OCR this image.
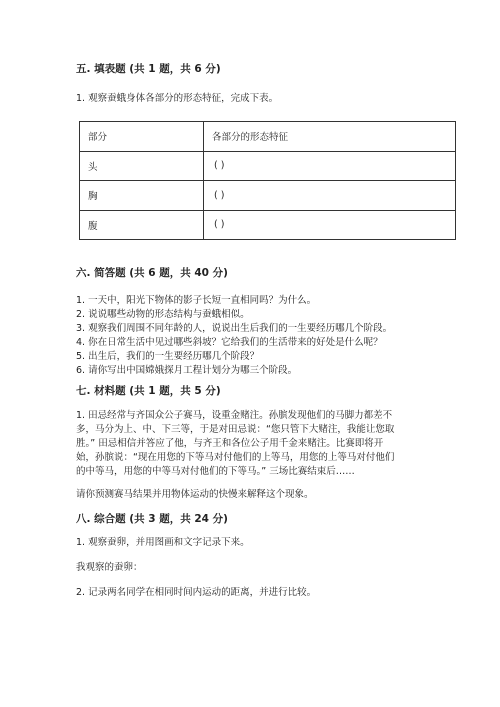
五. 填表题 (共 1 题，共 6 分)
1. 观察蚕蛾身体各部分的形态特征，完成下表。
部分	各部分的形态特征
头	( )
胸	( )
腹	( )
六. 简答题 (共 6 题，共 40 分)
1. 一天中，阳光下物体的影子长短一直相同吗？为什么。
2. 说说哪些动物的形态结构与蚕蛾相似。
3. 观察我们周围不同年龄的人，说说出生后我们的一生要经历哪几个阶段。
4. 你在日常生活中见过哪些斜坡？它给我们的生活带来的好处是什么呢？
5. 出生后，我们的一生要经历哪几个阶段？
6. 请你写出中国嫦娥探月工程计划分为哪三个阶段。
七. 材料题 (共 1 题，共 5 分)
1. 田忌经常与齐国众公子赛马，设重金赌注。孙膑发现他们的马脚力都差不
多，马分为上、中、下三等，于是对田忌说：“您只管下大赌注，我能让您取
胜。” 田忌相信并答应了他，与齐王和各位公子用千金来赌注。比赛即将开
始，孙膑说：“现在用您的下等马对付他们的上等马，用您的上等马对付他们
的中等马，用您的中等马对付他们的下等马。” 三场比赛结束后……
请你预测赛马结果并用物体运动的快慢来解释这个现象。
八. 综合题 (共 3 题，共 24 分)
1. 观察蚕卵，并用图画和文字记录下来。
我观察的蚕卵：
2. 记录两名同学在相同时间内运动的距离，并进行比较。
